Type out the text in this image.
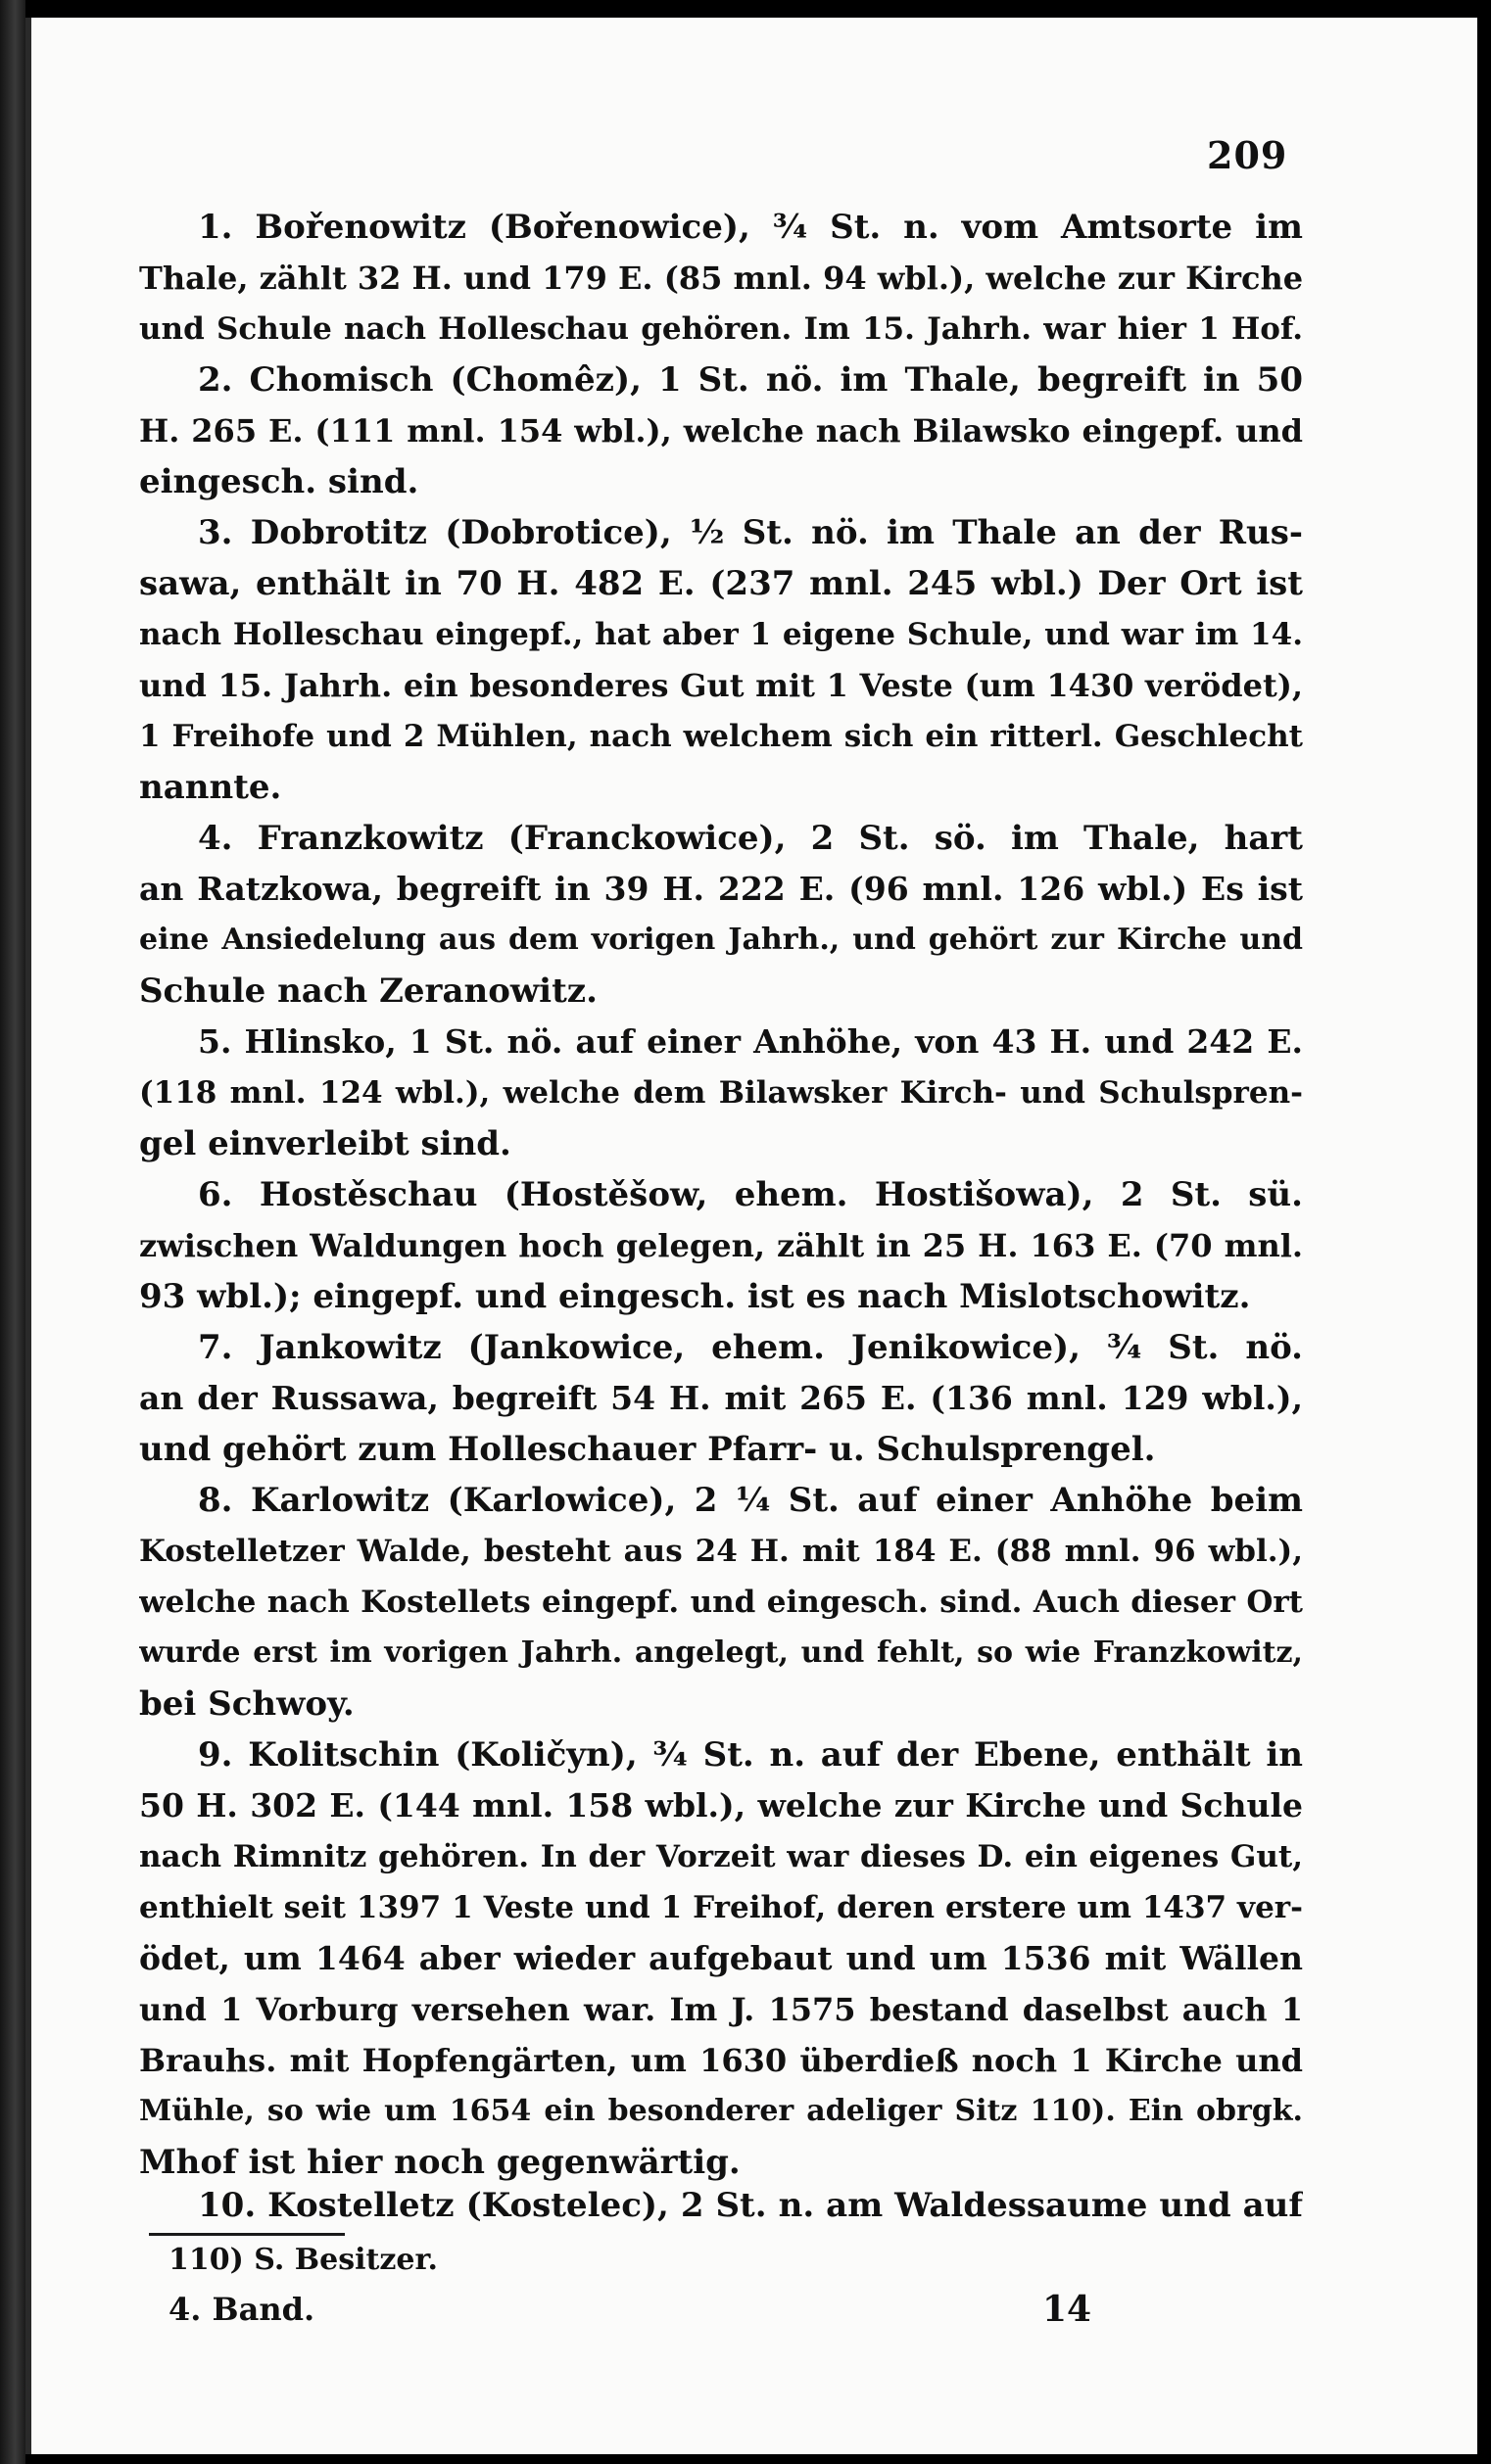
209
1. Bořenowitz (Bořenowice), ¾ St. n. vom Amtsorte im
Thale, zählt 32 H. und 179 E. (85 mnl. 94 wbl.), welche zur Kirche
und Schule nach Holleschau gehören. Im 15. Jahrh. war hier 1 Hof.
2. Chomisch (Chomêz), 1 St. nö. im Thale, begreift in 50
H. 265 E. (111 mnl. 154 wbl.), welche nach Bilawsko eingepf. und
eingesch. sind.
3. Dobrotitz (Dobrotice), ½ St. nö. im Thale an der Rus-
sawa, enthält in 70 H. 482 E. (237 mnl. 245 wbl.) Der Ort ist
nach Holleschau eingepf., hat aber 1 eigene Schule, und war im 14.
und 15. Jahrh. ein besonderes Gut mit 1 Veste (um 1430 verödet),
1 Freihofe und 2 Mühlen, nach welchem sich ein ritterl. Geschlecht
nannte.
4. Franzkowitz (Franckowice), 2 St. sö. im Thale, hart
an Ratzkowa, begreift in 39 H. 222 E. (96 mnl. 126 wbl.) Es ist
eine Ansiedelung aus dem vorigen Jahrh., und gehört zur Kirche und
Schule nach Zeranowitz.
5. Hlinsko, 1 St. nö. auf einer Anhöhe, von 43 H. und 242 E.
(118 mnl. 124 wbl.), welche dem Bilawsker Kirch- und Schulspren-
gel einverleibt sind.
6. Hostěschau (Hostěšow, ehem. Hostišowa), 2 St. sü.
zwischen Waldungen hoch gelegen, zählt in 25 H. 163 E. (70 mnl.
93 wbl.); eingepf. und eingesch. ist es nach Mislotschowitz.
7. Jankowitz (Jankowice, ehem. Jenikowice), ¾ St. nö.
an der Russawa, begreift 54 H. mit 265 E. (136 mnl. 129 wbl.),
und gehört zum Holleschauer Pfarr- u. Schulsprengel.
8. Karlowitz (Karlowice), 2 ¼ St. auf einer Anhöhe beim
Kostelletzer Walde, besteht aus 24 H. mit 184 E. (88 mnl. 96 wbl.),
welche nach Kostellets eingepf. und eingesch. sind. Auch dieser Ort
wurde erst im vorigen Jahrh. angelegt, und fehlt, so wie Franzkowitz,
bei Schwoy.
9. Kolitschin (Količyn), ¾ St. n. auf der Ebene, enthält in
50 H. 302 E. (144 mnl. 158 wbl.), welche zur Kirche und Schule
nach Rimnitz gehören. In der Vorzeit war dieses D. ein eigenes Gut,
enthielt seit 1397 1 Veste und 1 Freihof, deren erstere um 1437 ver-
ödet, um 1464 aber wieder aufgebaut und um 1536 mit Wällen
und 1 Vorburg versehen war. Im J. 1575 bestand daselbst auch 1
Brauhs. mit Hopfengärten, um 1630 überdieß noch 1 Kirche und
Mühle, so wie um 1654 ein besonderer adeliger Sitz 110). Ein obrgk.
Mhof ist hier noch gegenwärtig.
10. Kostelletz (Kostelec), 2 St. n. am Waldessaume und auf
110) S. Besitzer.
4. Band.	14
